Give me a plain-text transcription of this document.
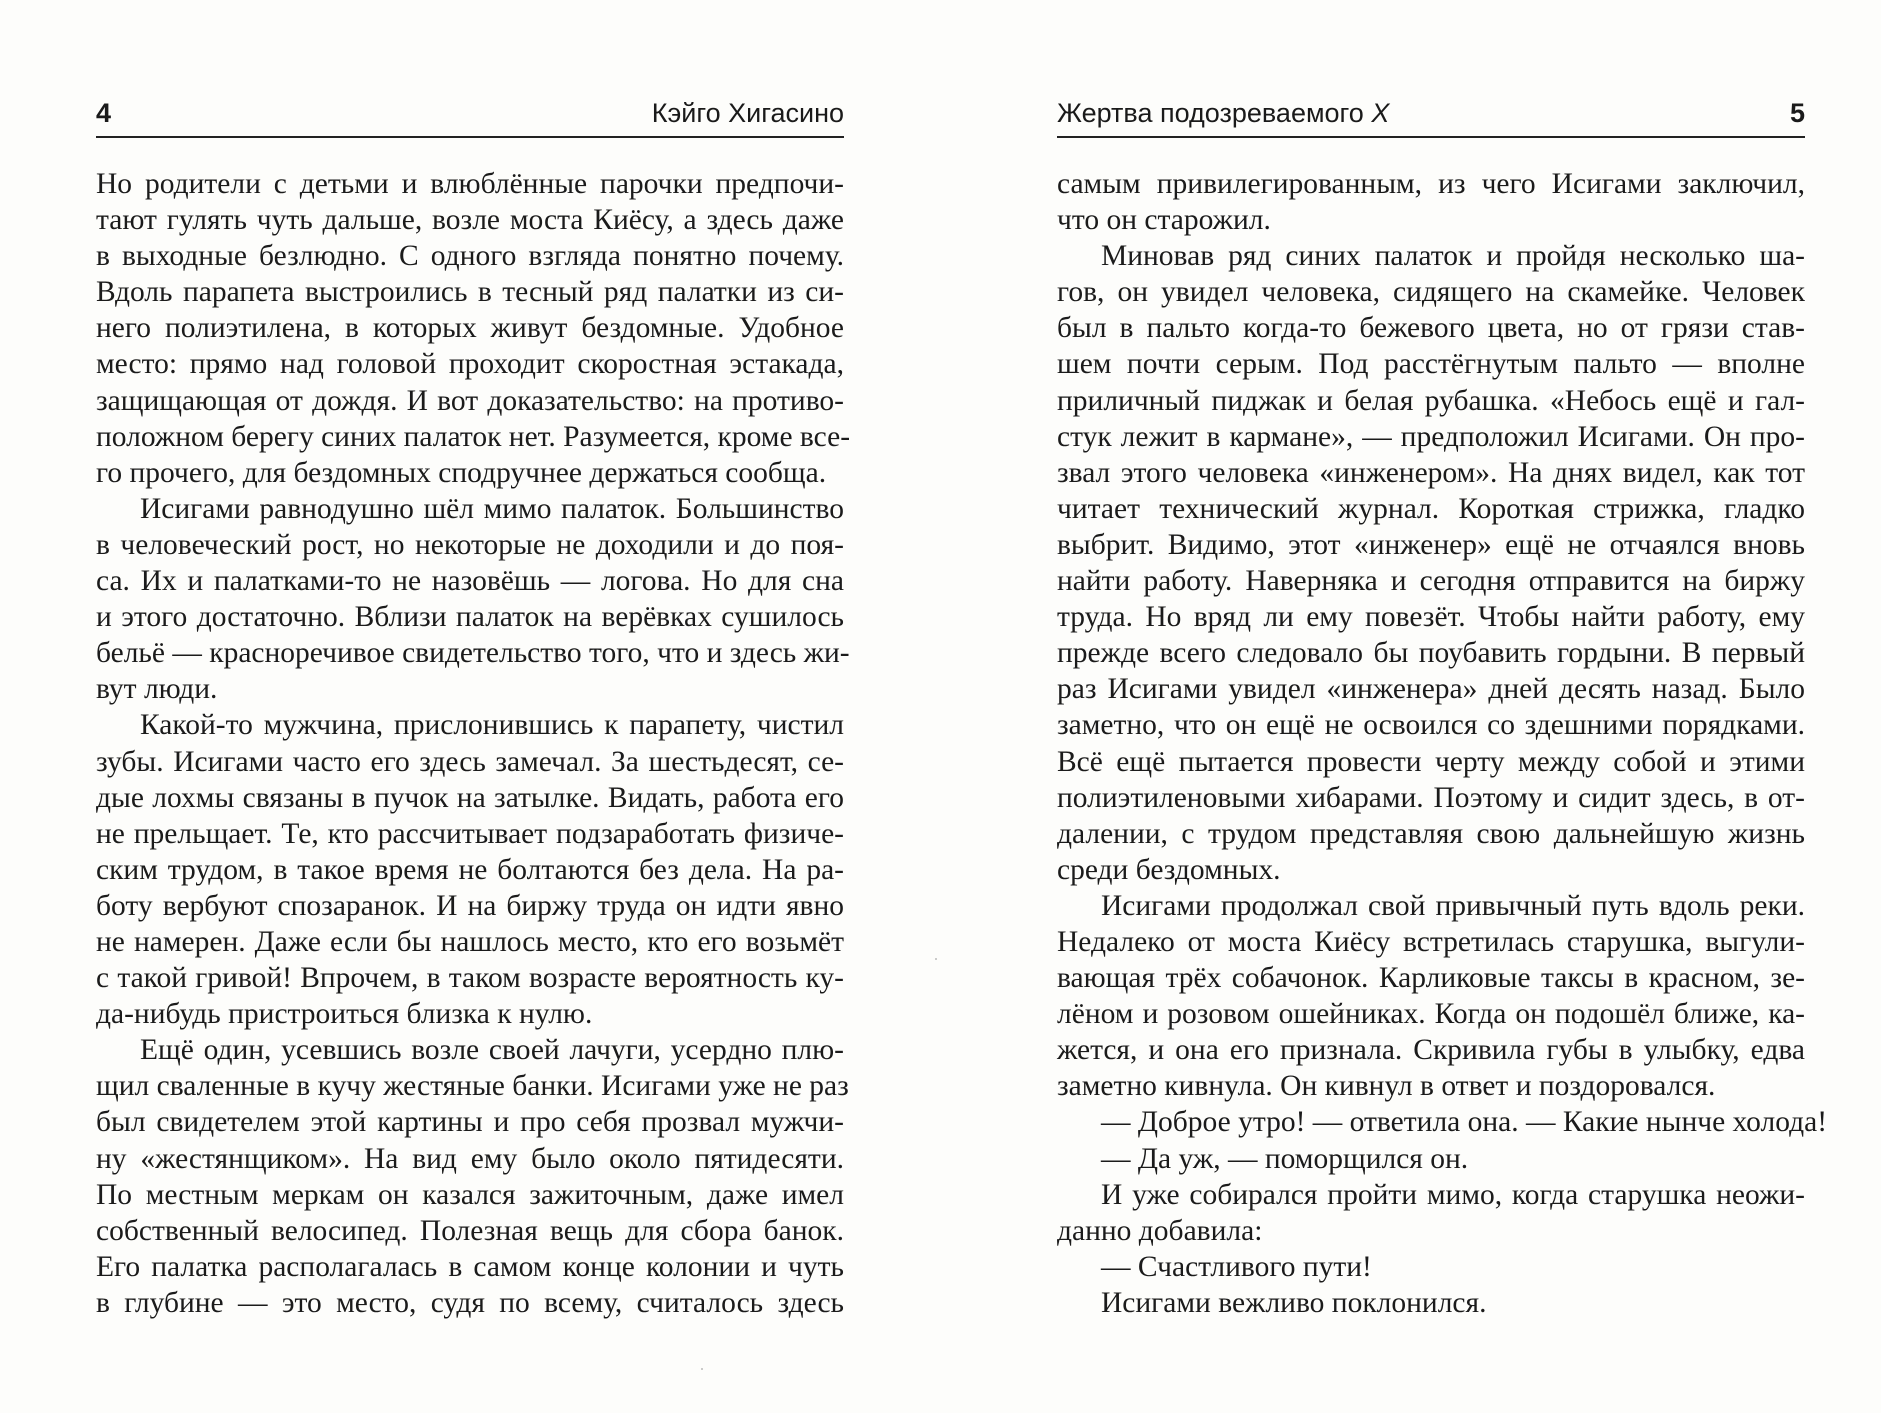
4	Кэйго Хигасино
Но родители с детьми и влюблённые парочки предпочи-
тают гулять чуть дальше, возле моста Киёсу, а здесь даже
в выходные безлюдно. С одного взгляда понятно почему.
Вдоль парапета выстроились в тесный ряд палатки из си-
него полиэтилена, в которых живут бездомные. Удобное
место: прямо над головой проходит скоростная эстакада,
защищающая от дождя. И вот доказательство: на противо-
положном берегу синих палаток нет. Разумеется, кроме все-
го прочего, для бездомных сподручнее держаться сообща.
Исигами равнодушно шёл мимо палаток. Большинство
в человеческий рост, но некоторые не доходили и до поя-
са. Их и палатками-то не назовёшь — логова. Но для сна
и этого достаточно. Вблизи палаток на верёвках сушилось
бельё — красноречивое свидетельство того, что и здесь жи-
вут люди.
Какой-то мужчина, прислонившись к парапету, чистил
зубы. Исигами часто его здесь замечал. За шестьдесят, се-
дые лохмы связаны в пучок на затылке. Видать, работа его
не прельщает. Те, кто рассчитывает подзаработать физиче-
ским трудом, в такое время не болтаются без дела. На ра-
боту вербуют спозаранок. И на биржу труда он идти явно
не намерен. Даже если бы нашлось место, кто его возьмёт
с такой гривой! Впрочем, в таком возрасте вероятность ку-
да-нибудь пристроиться близка к нулю.
Ещё один, усевшись возле своей лачуги, усердно плю-
щил сваленные в кучу жестяные банки. Исигами уже не раз
был свидетелем этой картины и про себя прозвал мужчи-
ну «жестянщиком». На вид ему было около пятидесяти.
По местным меркам он казался зажиточным, даже имел
собственный велосипед. Полезная вещь для сбора банок.
Его палатка располагалась в самом конце колонии и чуть
в глубине — это место, судя по всему, считалось здесь
Жертва подозреваемого X	5
самым привилегированным, из чего Исигами заключил,
что он старожил.
Миновав ряд синих палаток и пройдя несколько ша-
гов, он увидел человека, сидящего на скамейке. Человек
был в пальто когда-то бежевого цвета, но от грязи став-
шем почти серым. Под расстёгнутым пальто — вполне
приличный пиджак и белая рубашка. «Небось ещё и гал-
стук лежит в кармане», — предположил Исигами. Он про-
звал этого человека «инженером». На днях видел, как тот
читает технический журнал. Короткая стрижка, гладко
выбрит. Видимо, этот «инженер» ещё не отчаялся вновь
найти работу. Наверняка и сегодня отправится на биржу
труда. Но вряд ли ему повезёт. Чтобы найти работу, ему
прежде всего следовало бы поубавить гордыни. В первый
раз Исигами увидел «инженера» дней десять назад. Было
заметно, что он ещё не освоился со здешними порядками.
Всё ещё пытается провести черту между собой и этими
полиэтиленовыми хибарами. Поэтому и сидит здесь, в от-
далении, с трудом представляя свою дальнейшую жизнь
среди бездомных.
Исигами продолжал свой привычный путь вдоль реки.
Недалеко от моста Киёсу встретилась старушка, выгули-
вающая трёх собачонок. Карликовые таксы в красном, зе-
лёном и розовом ошейниках. Когда он подошёл ближе, ка-
жется, и она его признала. Скривила губы в улыбку, едва
заметно кивнула. Он кивнул в ответ и поздоровался.
— Доброе утро! — ответила она. — Какие нынче холода!
— Да уж, — поморщился он.
И уже собирался пройти мимо, когда старушка неожи-
данно добавила:
— Счастливого пути!
Исигами вежливо поклонился.
